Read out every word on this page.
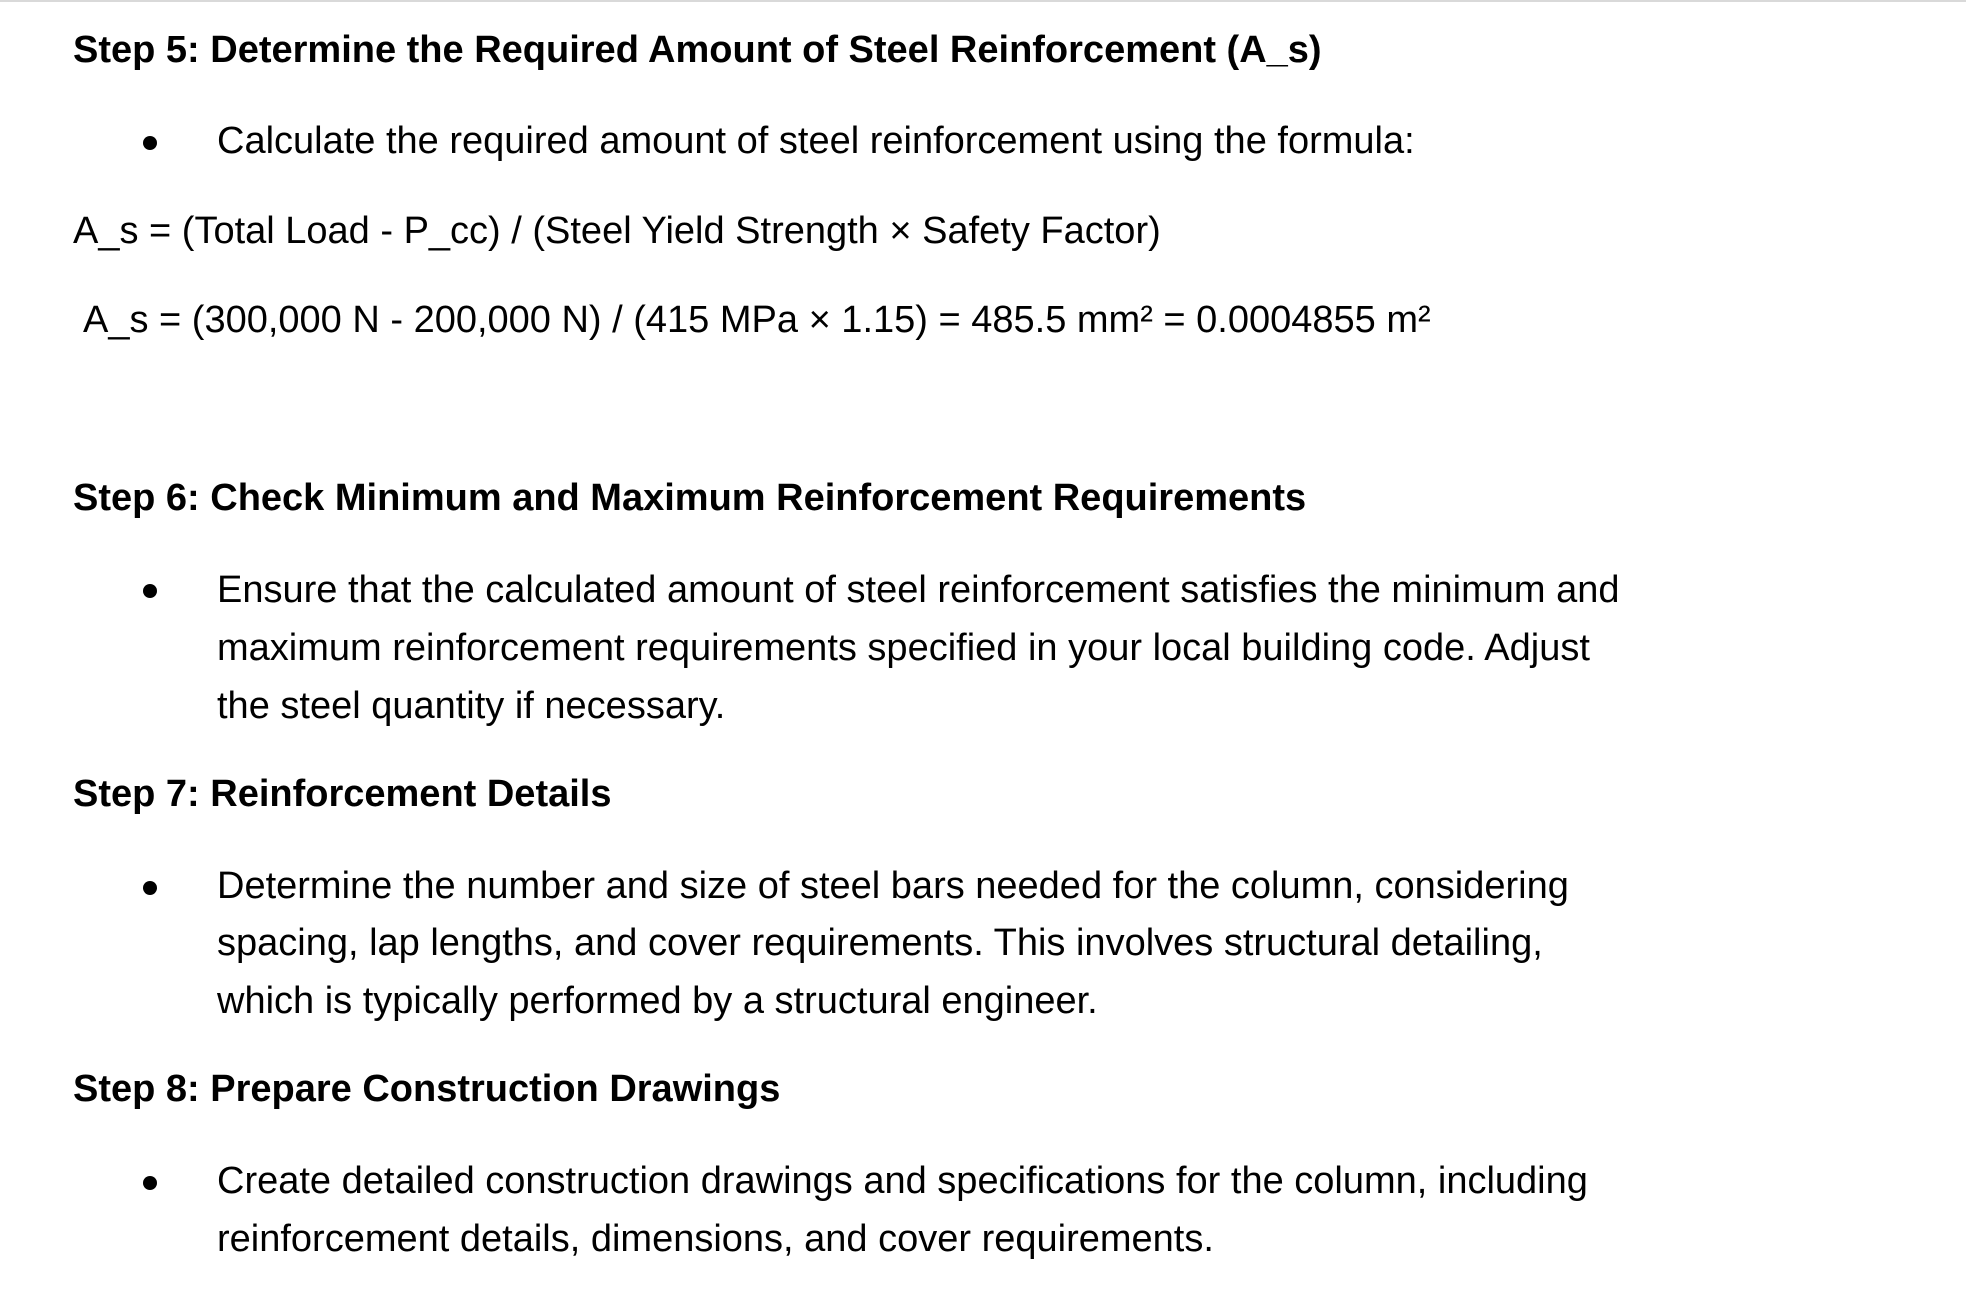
Step 5: Determine the Required Amount of Steel Reinforcement (A_s)
Calculate the required amount of steel reinforcement using the formula:
A_s = (Total Load - P_cc) / (Steel Yield Strength × Safety Factor)
A_s = (300,000 N - 200,000 N) / (415 MPa × 1.15) = 485.5 mm² = 0.0004855 m²
Step 6: Check Minimum and Maximum Reinforcement Requirements
Ensure that the calculated amount of steel reinforcement satisfies the minimum and
maximum reinforcement requirements specified in your local building code. Adjust
the steel quantity if necessary.
Step 7: Reinforcement Details
Determine the number and size of steel bars needed for the column, considering
spacing, lap lengths, and cover requirements. This involves structural detailing,
which is typically performed by a structural engineer.
Step 8: Prepare Construction Drawings
Create detailed construction drawings and specifications for the column, including
reinforcement details, dimensions, and cover requirements.
